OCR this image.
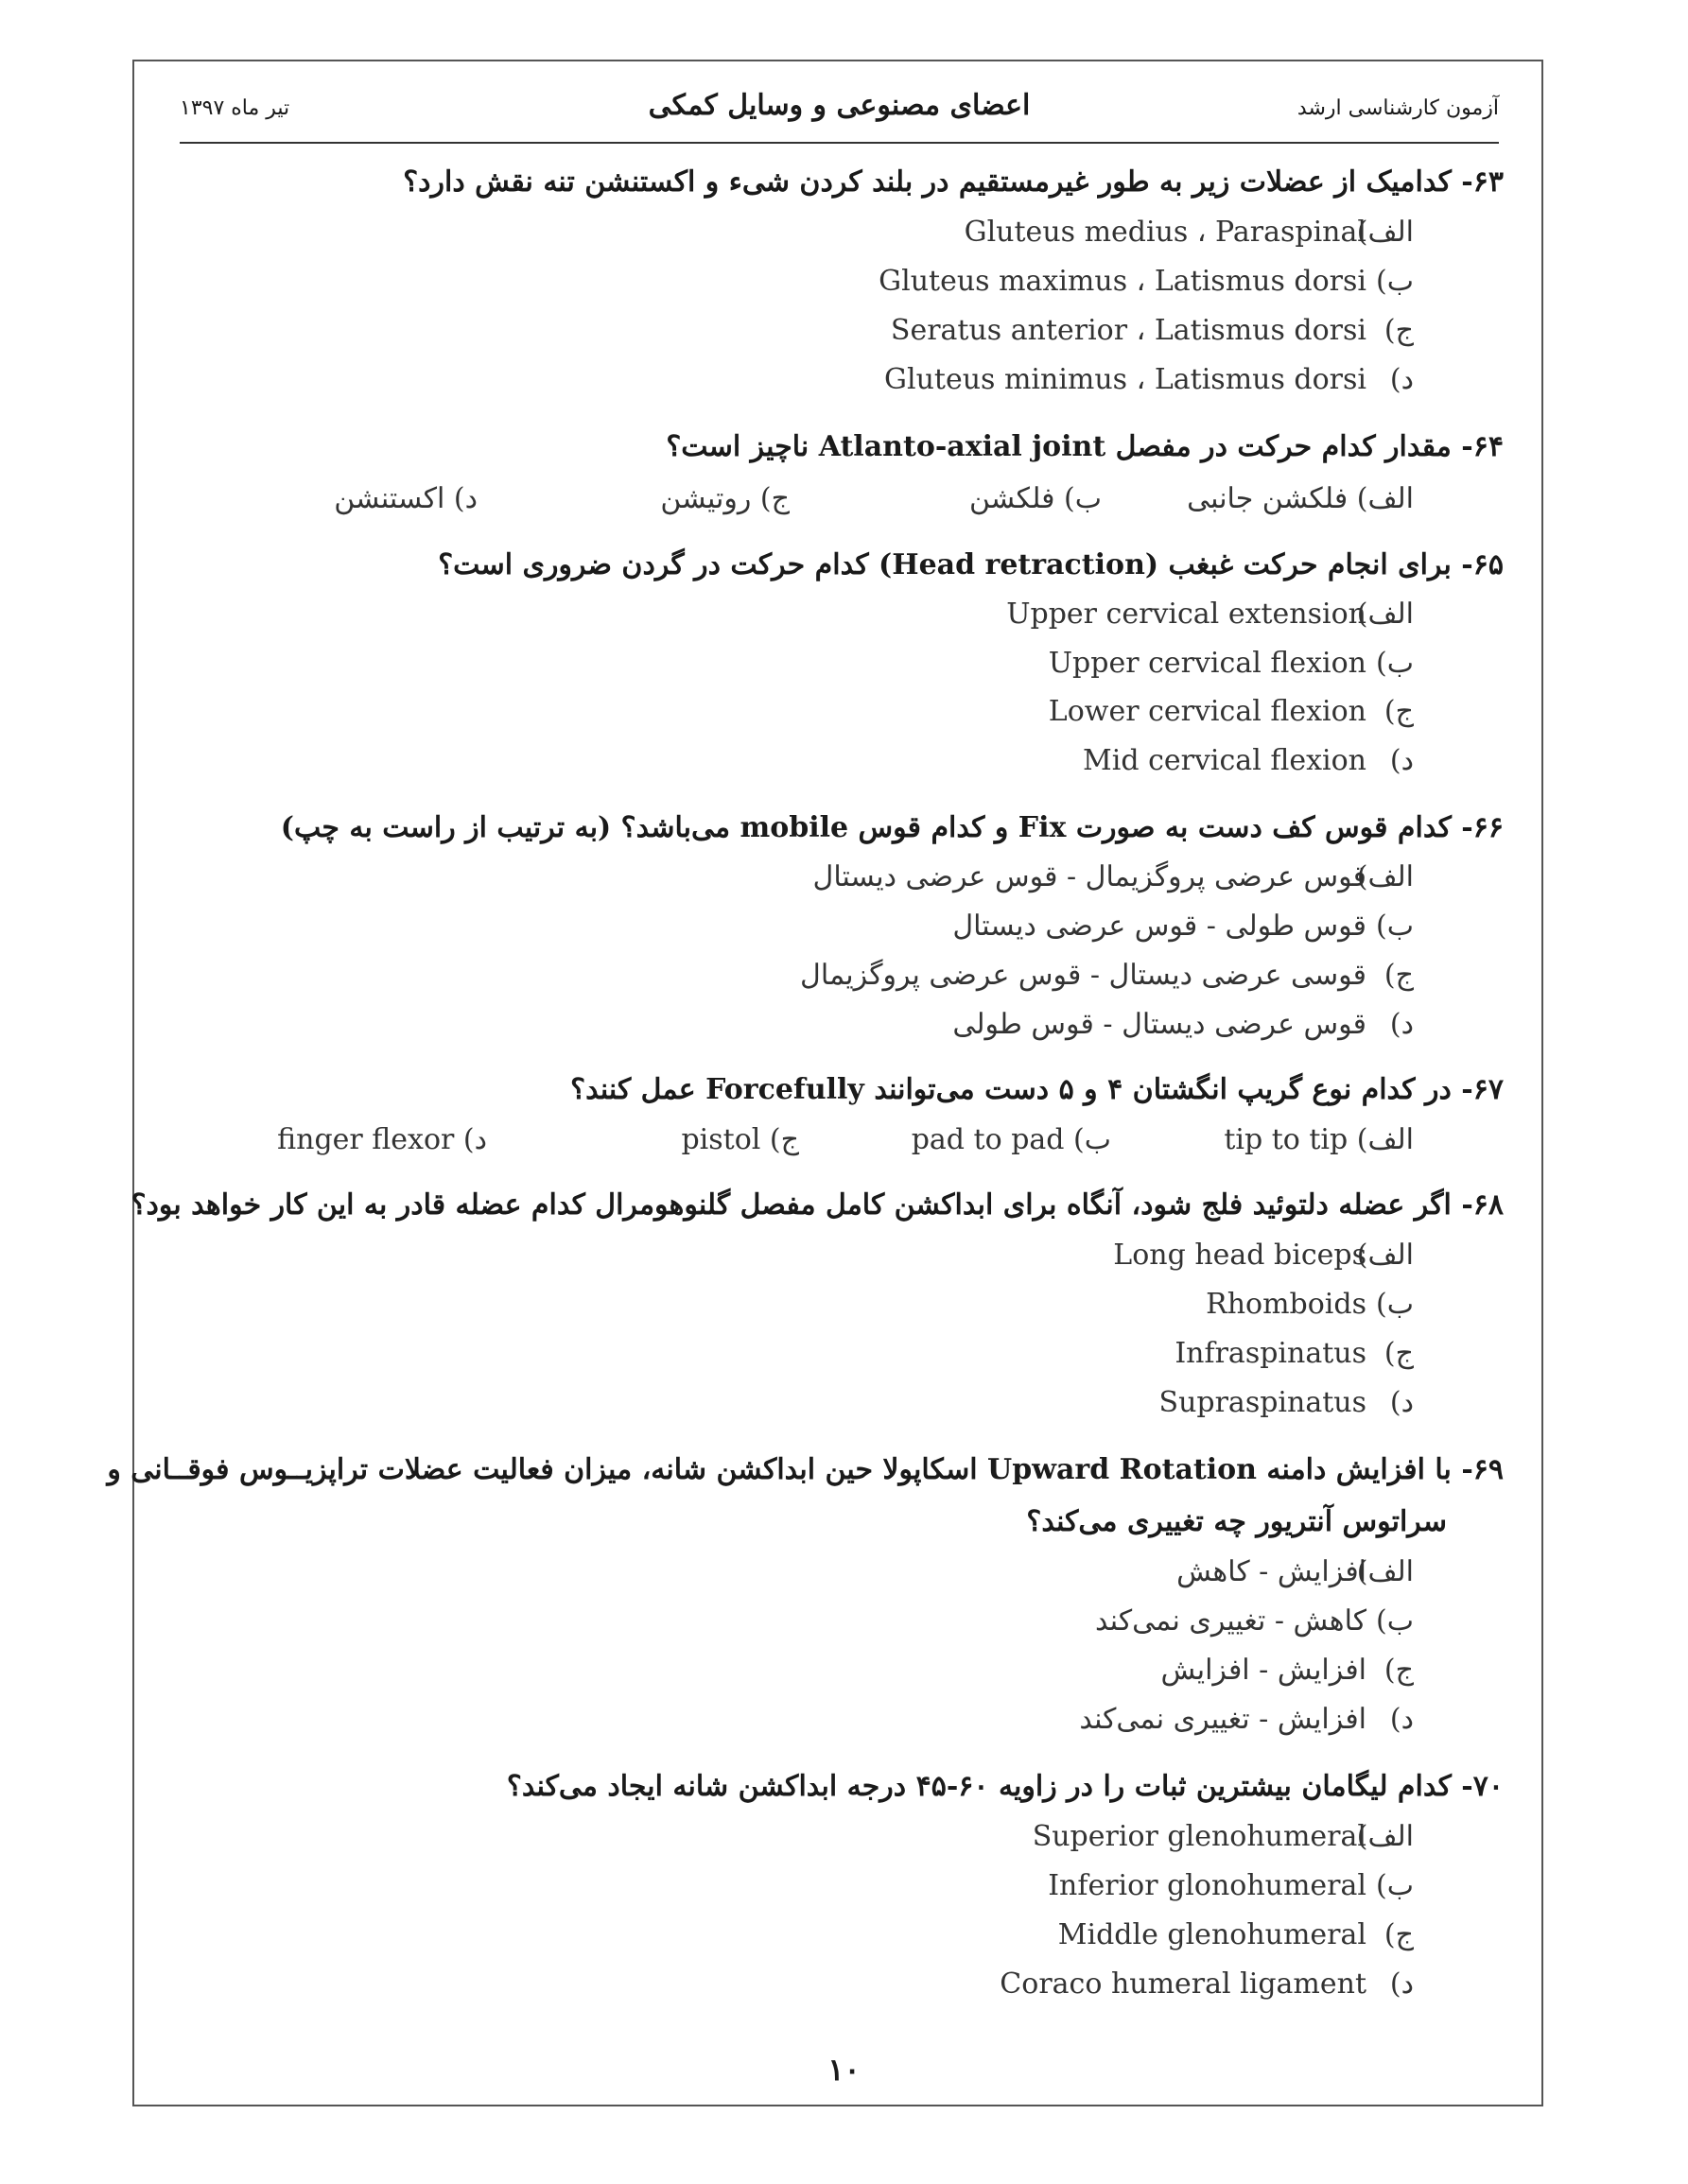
آزمون کارشناسی ارشد
اعضای مصنوعی و وسایل کمکی
تیر ماه ۱۳۹۷
۶۳- کدامیک از عضلات زیر به طور غیرمستقیم در بلند کردن شیء و اکستنشن تنه نقش دارد؟
الف)Gluteus medius ، Paraspinal
ب)Gluteus maximus ، Latismus dorsi
ج)Seratus anterior ، Latismus dorsi
د)Gluteus minimus ، Latismus dorsi
۶۴- مقدار کدام حرکت در مفصل Atlanto-axial joint ناچیز است؟
الف) فلکشن جانبی
ب) فلکشن
ج) روتیشن
د) اکستنشن
۶۵- برای انجام حرکت غبغب (Head retraction) کدام حرکت در گردن ضروری است؟
الف)Upper cervical extension
ب)Upper cervical flexion
ج)Lower cervical flexion
د)Mid cervical flexion
۶۶- کدام قوس کف دست به صورت Fix و کدام قوس mobile می‌باشد؟ (به ترتیب از راست به چپ)
الف)قوس عرضی پروگزیمال - قوس عرضی دیستال
ب)قوس طولی - قوس عرضی دیستال
ج)قوسی عرضی دیستال - قوس عرضی پروگزیمال
د)قوس عرضی دیستال - قوس طولی
۶۷- در کدام نوع گریپ انگشتان ۴ و ۵ دست می‌توانند Forcefully عمل کنند؟
الف) tip to tip
ب) pad to pad
ج) pistol
د) finger flexor
۶۸- اگر عضله دلتوئید فلج شود، آنگاه برای ابداکشن کامل مفصل گلنوهومرال کدام عضله قادر به این کار خواهد بود؟
الف)Long head biceps
ب)Rhomboids
ج)Infraspinatus
د)Supraspinatus
۶۹- با افزایش دامنه Upward Rotation اسکاپولا حین ابداکشن شانه، میزان فعالیت عضلات تراپزیــوس فوقــانی و
سراتوس آنتریور چه تغییری می‌کند؟
الف)افزایش - کاهش
ب)کاهش - تغییری نمی‌کند
ج)افزایش - افزایش
د)افزایش - تغییری نمی‌کند
۷۰- کدام لیگامان بیشترین ثبات را در زاویه ۶۰-۴۵ درجه ابداکشن شانه ایجاد می‌کند؟
الف)Superior glenohumeral
ب)Inferior glonohumeral
ج)Middle glenohumeral
د)Coraco humeral ligament
۱۰
